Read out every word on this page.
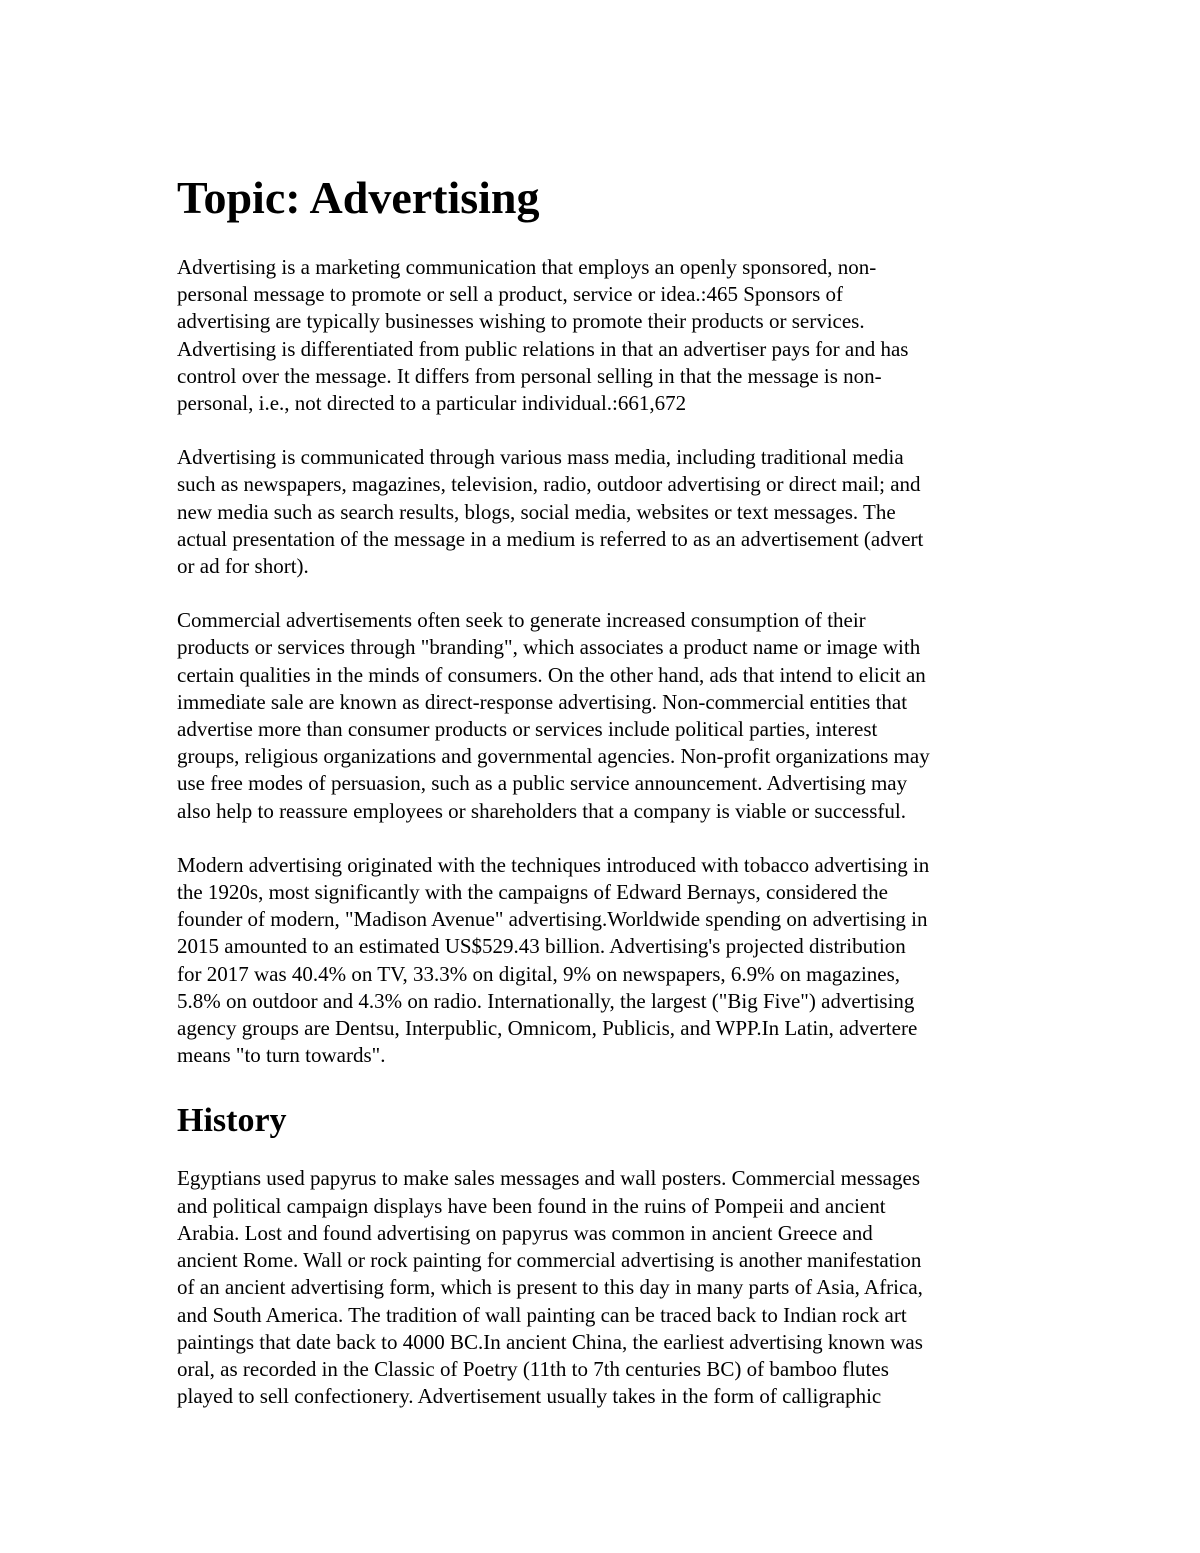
Topic: Advertising

Advertising is a marketing communication that employs an openly sponsored, non-
personal message to promote or sell a product, service or idea.:465 Sponsors of
advertising are typically businesses wishing to promote their products or services.
Advertising is differentiated from public relations in that an advertiser pays for and has
control over the message. It differs from personal selling in that the message is non-
personal, i.e., not directed to a particular individual.:661,672

Advertising is communicated through various mass media, including traditional media
such as newspapers, magazines, television, radio, outdoor advertising or direct mail; and
new media such as search results, blogs, social media, websites or text messages. The
actual presentation of the message in a medium is referred to as an advertisement (advert
or ad for short).

Commercial advertisements often seek to generate increased consumption of their
products or services through "branding", which associates a product name or image with
certain qualities in the minds of consumers. On the other hand, ads that intend to elicit an
immediate sale are known as direct-response advertising. Non-commercial entities that
advertise more than consumer products or services include political parties, interest
groups, religious organizations and governmental agencies. Non-profit organizations may
use free modes of persuasion, such as a public service announcement. Advertising may
also help to reassure employees or shareholders that a company is viable or successful.

Modern advertising originated with the techniques introduced with tobacco advertising in
the 1920s, most significantly with the campaigns of Edward Bernays, considered the
founder of modern, "Madison Avenue" advertising.Worldwide spending on advertising in
2015 amounted to an estimated US$529.43 billion. Advertising's projected distribution
for 2017 was 40.4% on TV, 33.3% on digital, 9% on newspapers, 6.9% on magazines,
5.8% on outdoor and 4.3% on radio. Internationally, the largest ("Big Five") advertising
agency groups are Dentsu, Interpublic, Omnicom, Publicis, and WPP.In Latin, advertere
means "to turn towards".

History

Egyptians used papyrus to make sales messages and wall posters. Commercial messages
and political campaign displays have been found in the ruins of Pompeii and ancient
Arabia. Lost and found advertising on papyrus was common in ancient Greece and
ancient Rome. Wall or rock painting for commercial advertising is another manifestation
of an ancient advertising form, which is present to this day in many parts of Asia, Africa,
and South America. The tradition of wall painting can be traced back to Indian rock art
paintings that date back to 4000 BC.In ancient China, the earliest advertising known was
oral, as recorded in the Classic of Poetry (11th to 7th centuries BC) of bamboo flutes
played to sell confectionery. Advertisement usually takes in the form of calligraphic
